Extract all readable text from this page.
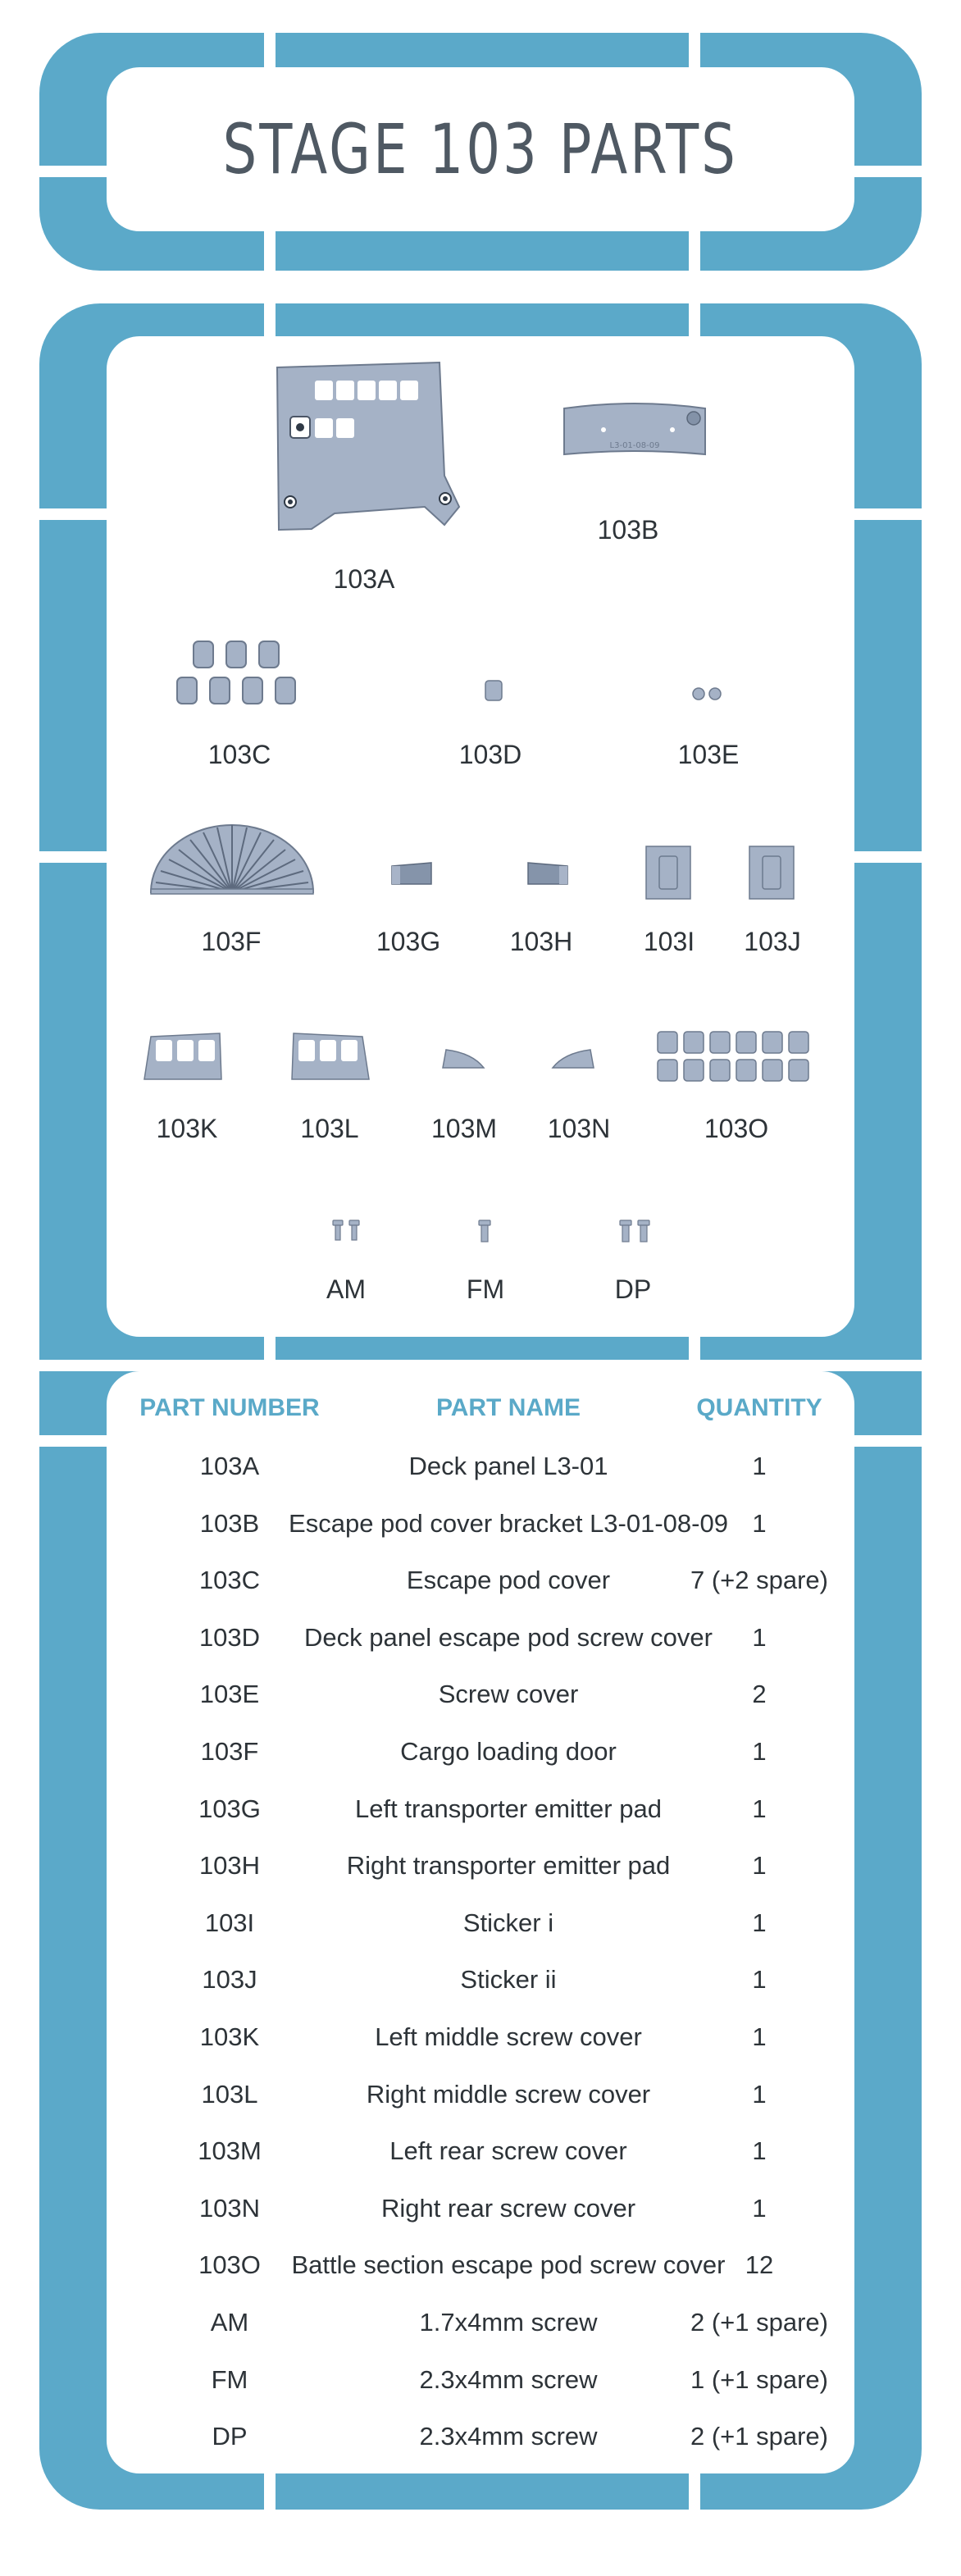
STAGE 103 PARTS
103A
L3-01-08-09
103B
103C	103D	103E
103F	103G	103H	103I 103J
103K	103L	103M 103N	103O
AM	FM	DP
PART NUMBER	PART NAME	QUANTITY
103A	Deck panel L3-01	1
103B Escape pod cover bracket L3-01-08-09 1
103C	Escape pod cover	7 (+2 spare)
103D Deck panel escape pod screw cover 1
103E	Screw cover	2
103F	Cargo loading door	1
103G	Left transporter emitter pad	1
103H	Right transporter emitter pad	1
103I	Sticker i	1
103J	Sticker ii	1
103K	Left middle screw cover	1
103L	Right middle screw cover	1
103M	Left rear screw cover	1
103N	Right rear screw cover	1
103O Battle section escape pod screw cover 12
AM	1.7x4mm screw	2 (+1 spare)
FM	2.3x4mm screw	1 (+1 spare)
DP	2.3x4mm screw	2 (+1 spare)
